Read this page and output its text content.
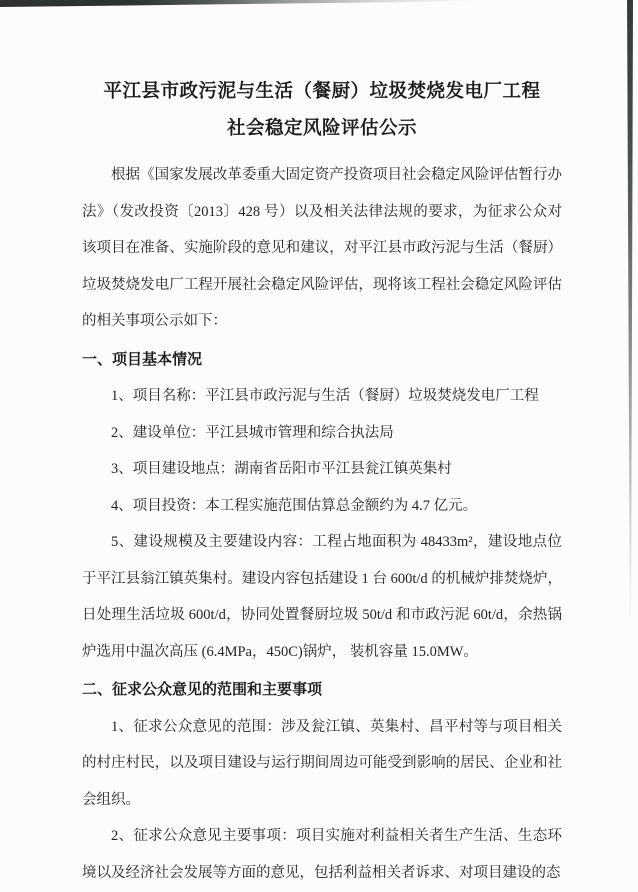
平江县市政污泥与生活（餐厨）垃圾焚烧发电厂工程
社会稳定风险评估公示

根据《国家发展改革委重大固定资产投资项目社会稳定风险评估暂行办法》（发改投资〔2013〕428 号）以及相关法律法规的要求，为征求公众对该项目在准备、实施阶段的意见和建议，对平江县市政污泥与生活（餐厨）垃圾焚烧发电厂工程开展社会稳定风险评估，现将该工程社会稳定风险评估的相关事项公示如下：

一、项目基本情况

1、项目名称：平江县市政污泥与生活（餐厨）垃圾焚烧发电厂工程

2、建设单位：平江县城市管理和综合执法局

3、项目建设地点：湖南省岳阳市平江县瓮江镇英集村

4、项目投资：本工程实施范围估算总金额约为 4.7 亿元。

5、建设规模及主要建设内容：工程占地面积为 48433m²，建设地点位于平江县翁江镇英集村。建设内容包括建设 1 台 600t/d 的机械炉排焚烧炉，日处理生活垃圾 600t/d，协同处置餐厨垃圾 50t/d 和市政污泥 60t/d，余热锅炉选用中温次高压 (6.4MPa，450C)锅炉， 装机容量 15.0MW。

二、征求公众意见的范围和主要事项

1、征求公众意见的范围：涉及瓮江镇、英集村、昌平村等与项目相关的村庄村民，以及项目建设与运行期间周边可能受到影响的居民、企业和社会组织。

2、征求公众意见主要事项：项目实施对利益相关者生产生活、生态环境以及经济社会发展等方面的意见，包括利益相关者诉求、对项目建设的态
